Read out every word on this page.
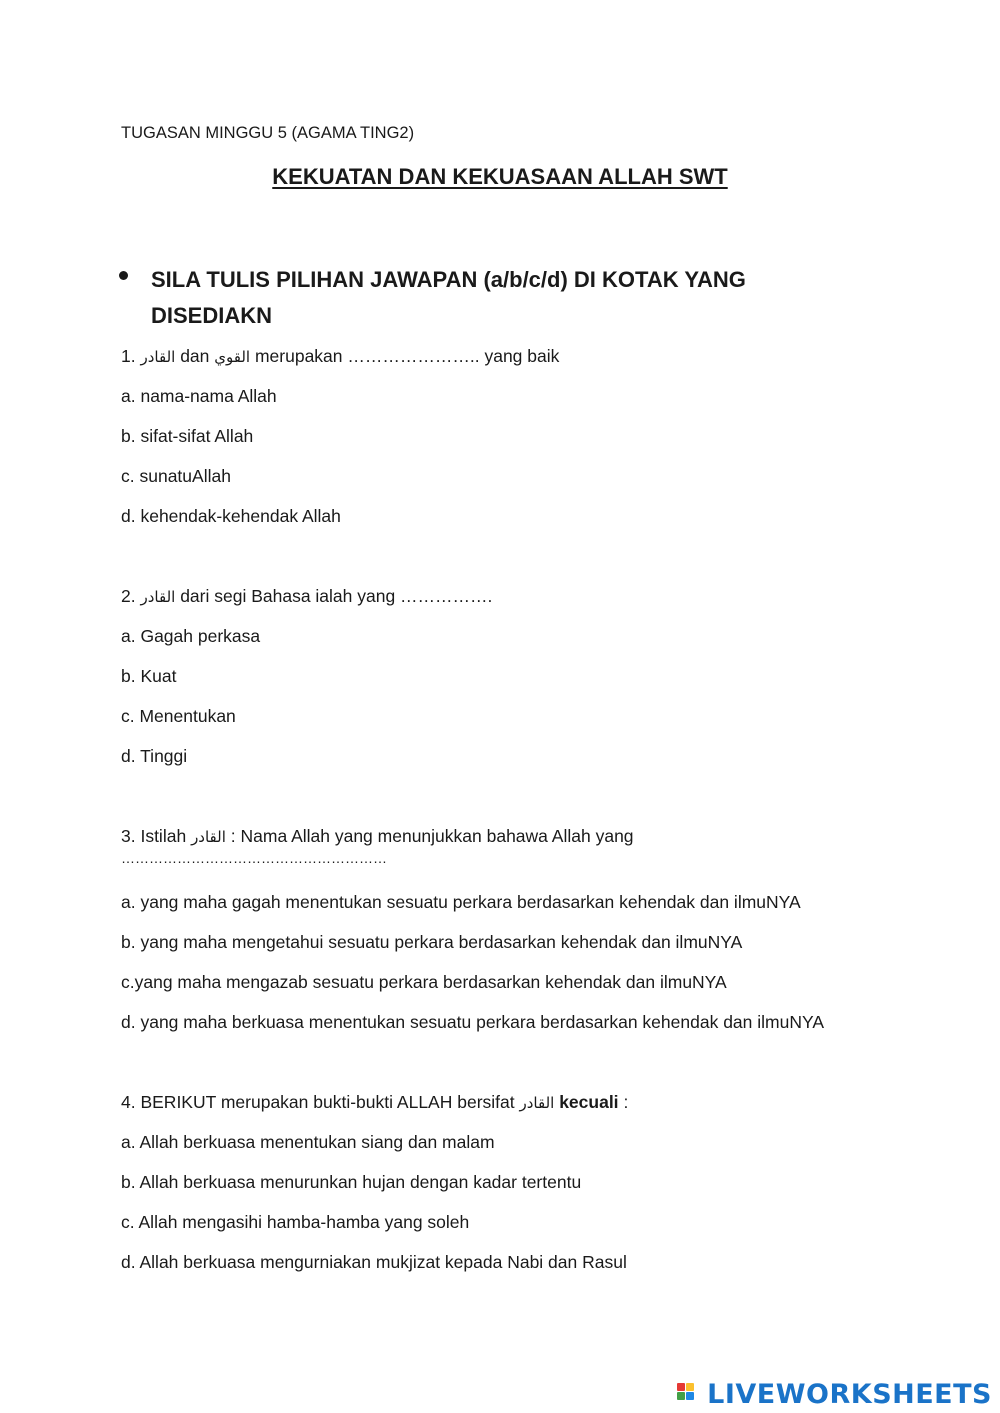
TUGASAN MINGGU 5 (AGAMA TING2)
KEKUATAN DAN KEKUASAAN ALLAH SWT
SILA TULIS PILIHAN JAWAPAN (a/b/c/d) DI KOTAK YANG DISEDIAKN
1. القادر dan القوي merupakan ………………….. yang baik
a. nama-nama Allah
b. sifat-sifat Allah
c. sunatuAllah
d. kehendak-kehendak Allah
2. القادر dari segi Bahasa ialah yang …………….
a. Gagah perkasa
b. Kuat
c. Menentukan
d. Tinggi
3. Istilah القادر : Nama Allah yang menunjukkan bahawa Allah yang
…………………………………………………
a. yang maha gagah menentukan sesuatu perkara berdasarkan kehendak dan ilmuNYA
b. yang maha mengetahui sesuatu perkara berdasarkan kehendak dan ilmuNYA
c.yang maha mengazab sesuatu perkara berdasarkan kehendak dan ilmuNYA
d. yang maha berkuasa menentukan sesuatu perkara berdasarkan kehendak dan ilmuNYA
4. BERIKUT merupakan bukti-bukti ALLAH bersifat القادر kecuali :
a. Allah berkuasa menentukan siang dan malam
b. Allah berkuasa menurunkan hujan dengan kadar tertentu
c. Allah mengasihi hamba-hamba yang soleh
d. Allah berkuasa mengurniakan mukjizat kepada Nabi dan Rasul
LIVEWORKSHEETS
